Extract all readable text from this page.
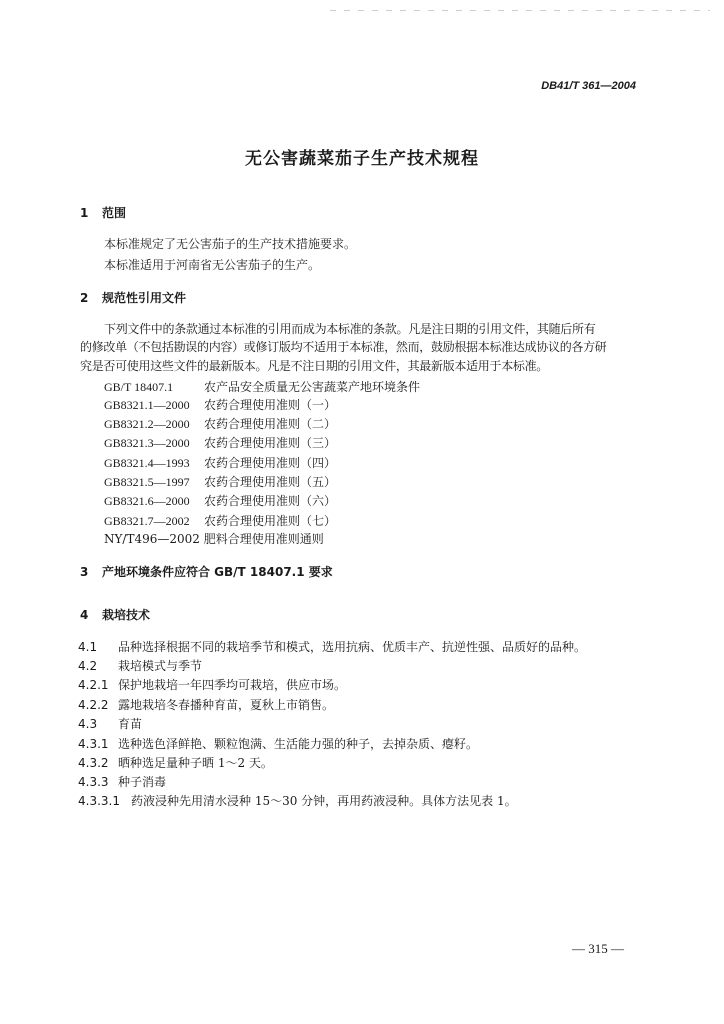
DB41/T 361—2004
无公害蔬菜茄子生产技术规程
1 范围
本标准规定了无公害茄子的生产技术措施要求。
本标准适用于河南省无公害茄子的生产。
2 规范性引用文件
下列文件中的条款通过本标准的引用而成为本标准的条款。凡是注日期的引用文件，其随后所有
的修改单（不包括勘误的内容）或修订版均不适用于本标准，然而，鼓励根据本标准达成协议的各方研
究是否可使用这些文件的最新版本。凡是不注日期的引用文件，其最新版本适用于本标准。
GB/T 18407.1	农产品安全质量无公害蔬菜产地环境条件
GB8321.1—2000 农药合理使用准则（一）
GB8321.2—2000 农药合理使用准则（二）
GB8321.3—2000 农药合理使用准则（三）
GB8321.4—1993 农药合理使用准则（四）
GB8321.5—1997 农药合理使用准则（五）
GB8321.6—2000 农药合理使用准则（六）
GB8321.7—2002 农药合理使用准则（七）
NY/T496—2002 肥料合理使用准则通则
3 产地环境条件应符合 GB/T 18407.1 要求
4 栽培技术
4.1 品种选择根据不同的栽培季节和模式，选用抗病、优质丰产、抗逆性强、品质好的品种。
4.2 栽培模式与季节
4.2.1 保护地栽培一年四季均可栽培，供应市场。
4.2.2 露地栽培冬春播种育苗，夏秋上市销售。
4.3 育苗
4.3.1 选种选色泽鲜艳、颗粒饱满、生活能力强的种子，去掉杂质、瘪籽。
4.3.2 晒种选足量种子晒 1～2 天。
4.3.3 种子消毒
4.3.3.1 药液浸种先用清水浸种 15～30 分钟，再用药液浸种。具体方法见表 1。
— 315 —
